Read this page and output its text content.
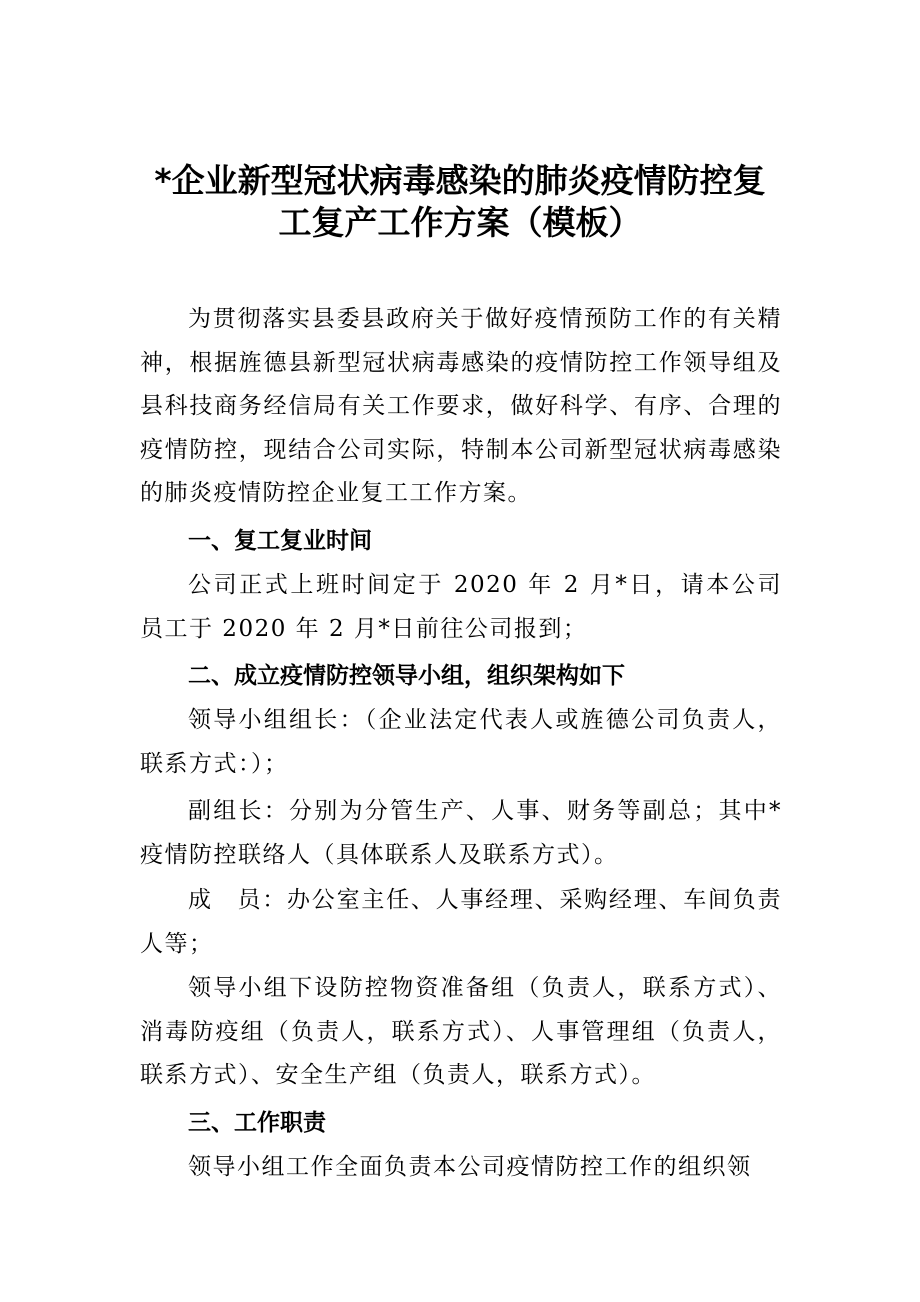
*企业新型冠状病毒感染的肺炎疫情防控复
工复产工作方案（模板）

为贯彻落实县委县政府关于做好疫情预防工作的有关精神，根据旌德县新型冠状病毒感染的疫情防控工作领导组及县科技商务经信局有关工作要求，做好科学、有序、合理的疫情防控，现结合公司实际，特制本公司新型冠状病毒感染的肺炎疫情防控企业复工工作方案。

一、复工复业时间

公司正式上班时间定于 2020 年 2 月*日，请本公司员工于 2020 年 2 月*日前往公司报到；

二、成立疫情防控领导小组，组织架构如下

领导小组组长：（企业法定代表人或旌德公司负责人，联系方式：）；

副组长：分别为分管生产、人事、财务等副总；其中*疫情防控联络人（具体联系人及联系方式）。

成　员：办公室主任、人事经理、采购经理、车间负责人等；

领导小组下设防控物资准备组（负责人，联系方式）、消毒防疫组（负责人，联系方式）、人事管理组（负责人，联系方式）、安全生产组（负责人，联系方式）。

三、工作职责

领导小组工作全面负责本公司疫情防控工作的组织领
